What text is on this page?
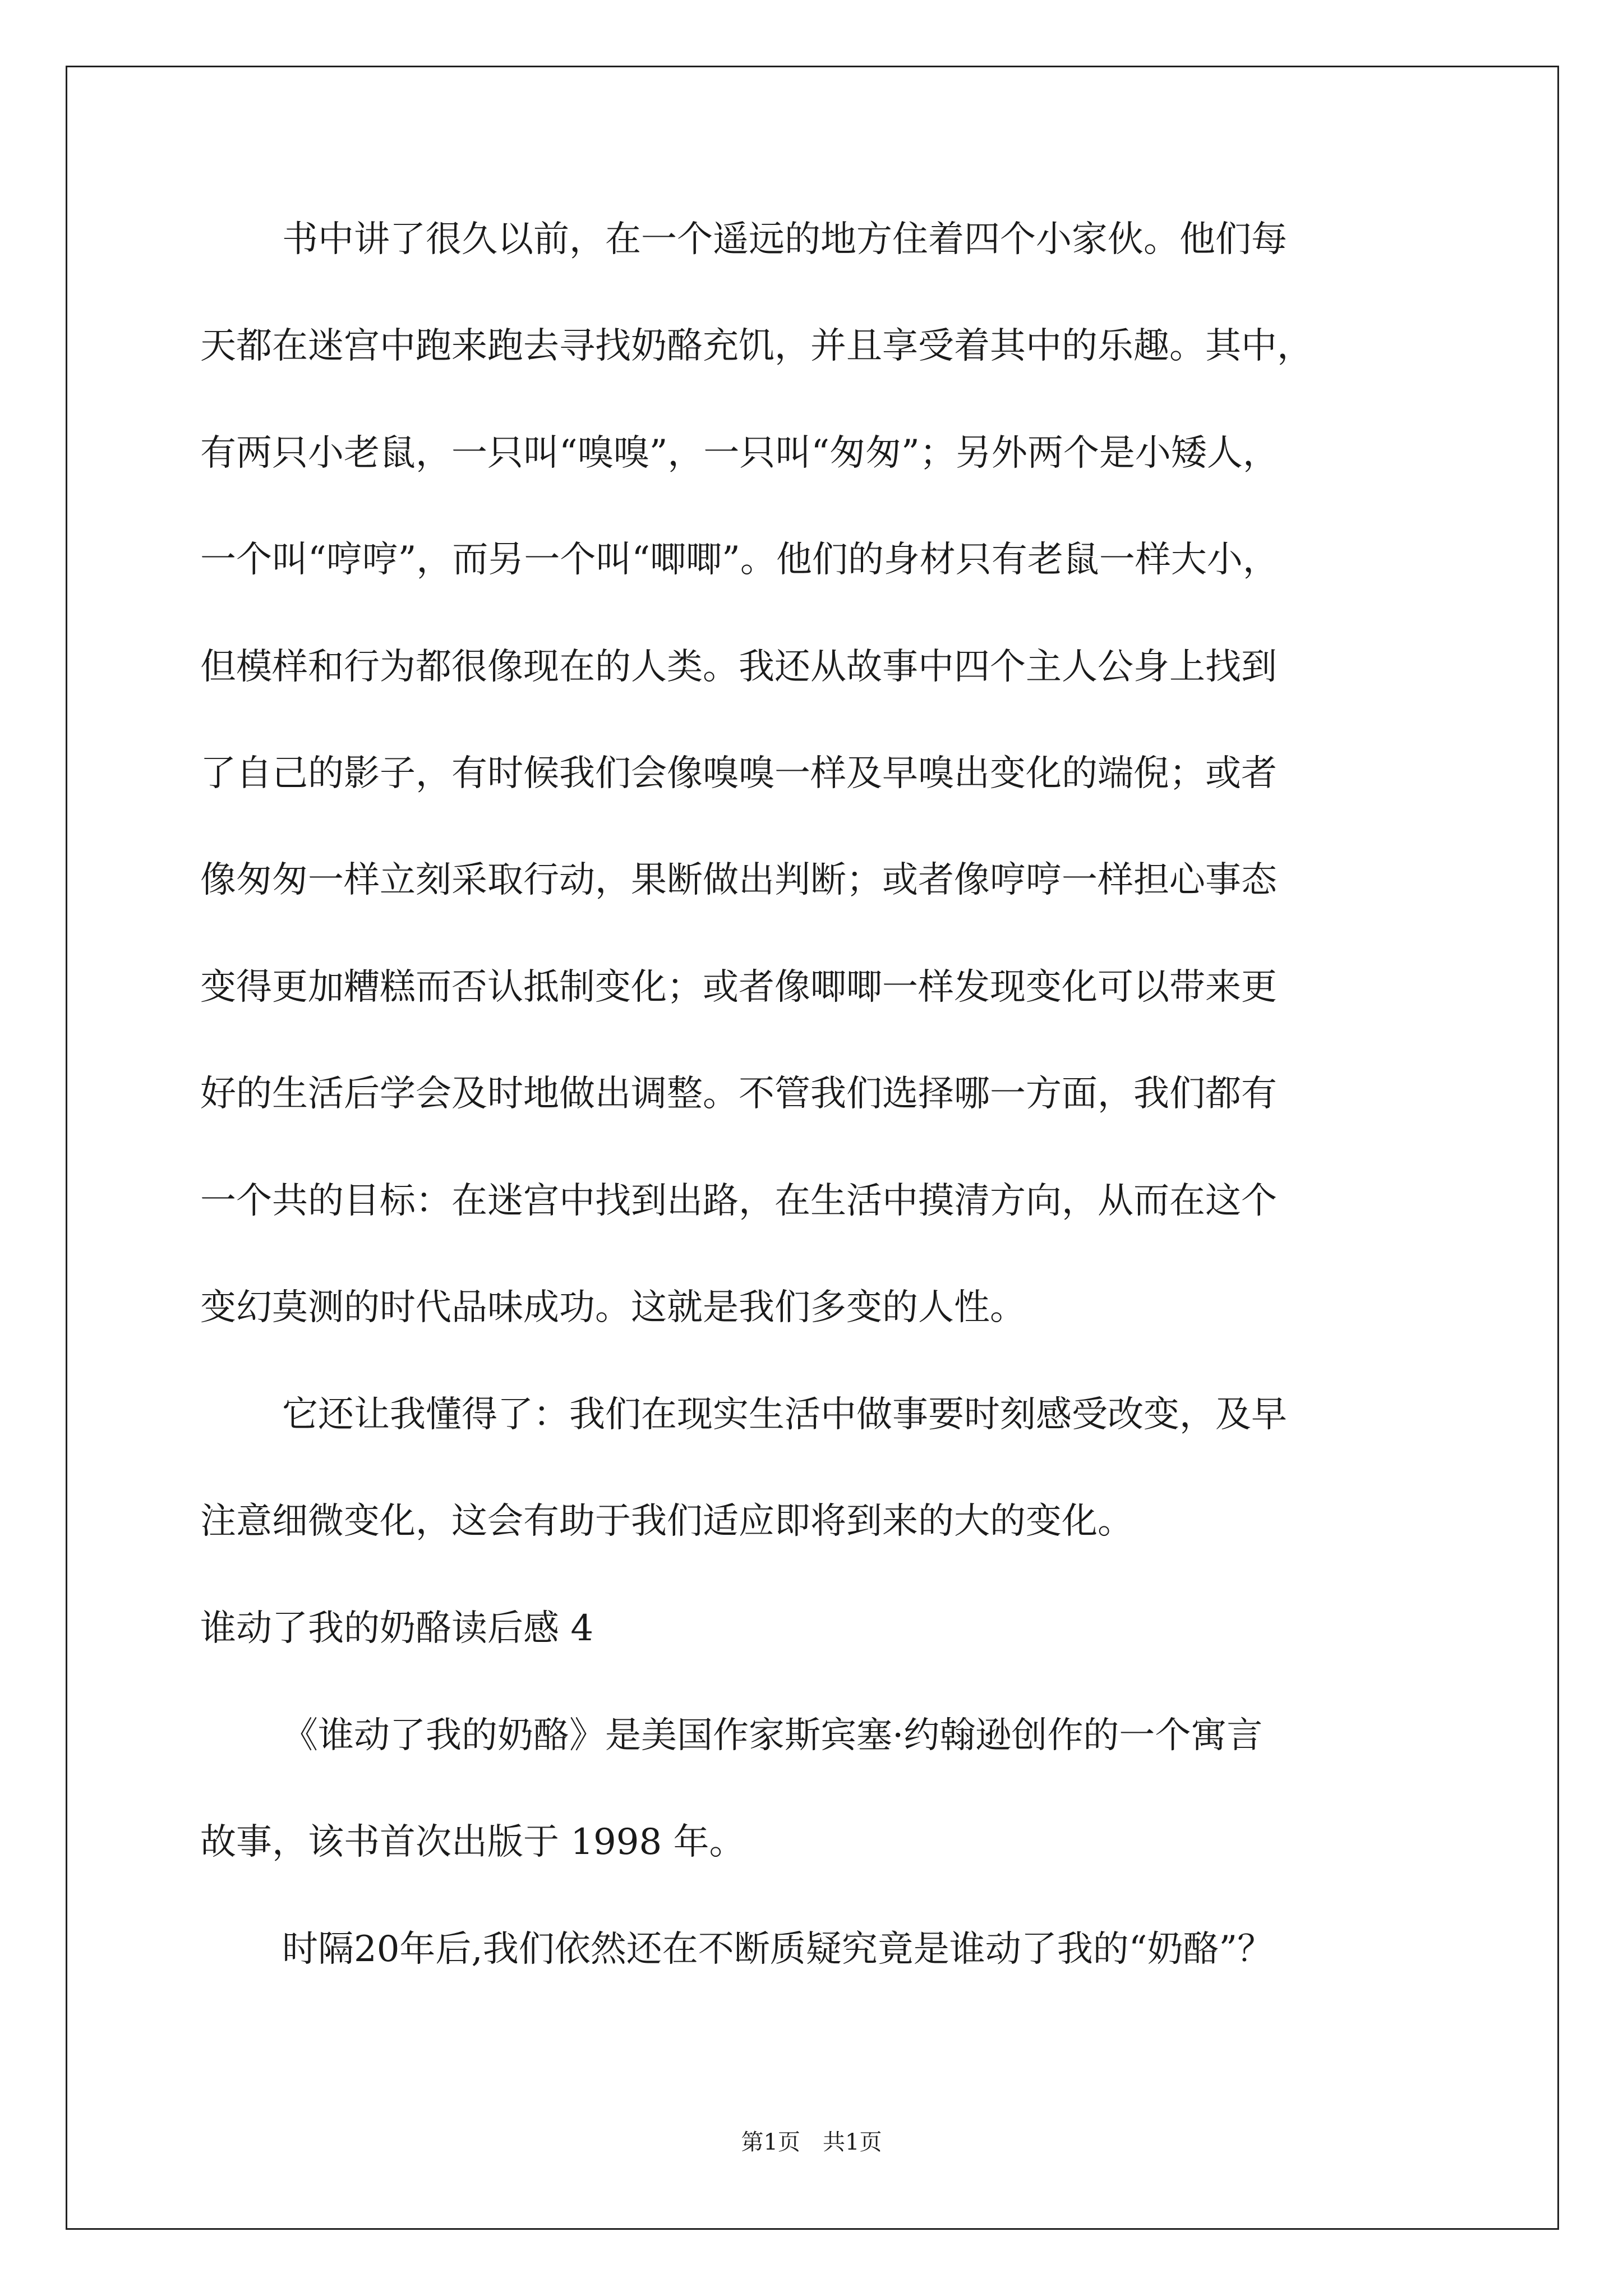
书中讲了很久以前，在一个遥远的地方住着四个小家伙。他们每
天都在迷宫中跑来跑去寻找奶酪充饥，并且享受着其中的乐趣。其中，
有两只小老鼠，一只叫“嗅嗅”，一只叫“匆匆”；另外两个是小矮人，
一个叫“哼哼”，而另一个叫“唧唧”。他们的身材只有老鼠一样大小，
但模样和行为都很像现在的人类。我还从故事中四个主人公身上找到
了自己的影子，有时候我们会像嗅嗅一样及早嗅出变化的端倪；或者
像匆匆一样立刻采取行动，果断做出判断；或者像哼哼一样担心事态
变得更加糟糕而否认抵制变化；或者像唧唧一样发现变化可以带来更
好的生活后学会及时地做出调整。不管我们选择哪一方面，我们都有
一个共的目标：在迷宫中找到出路，在生活中摸清方向，从而在这个
变幻莫测的时代品味成功。这就是我们多变的人性。
它还让我懂得了：我们在现实生活中做事要时刻感受改变，及早
注意细微变化，这会有助于我们适应即将到来的大的变化。
谁动了我的奶酪读后感 4
《谁动了我的奶酪》是美国作家斯宾塞·约翰逊创作的一个寓言
故事，该书首次出版于 1998 年。
时隔20年后,我们依然还在不断质疑究竟是谁动了我的“奶酪”？
第1页　共1页
